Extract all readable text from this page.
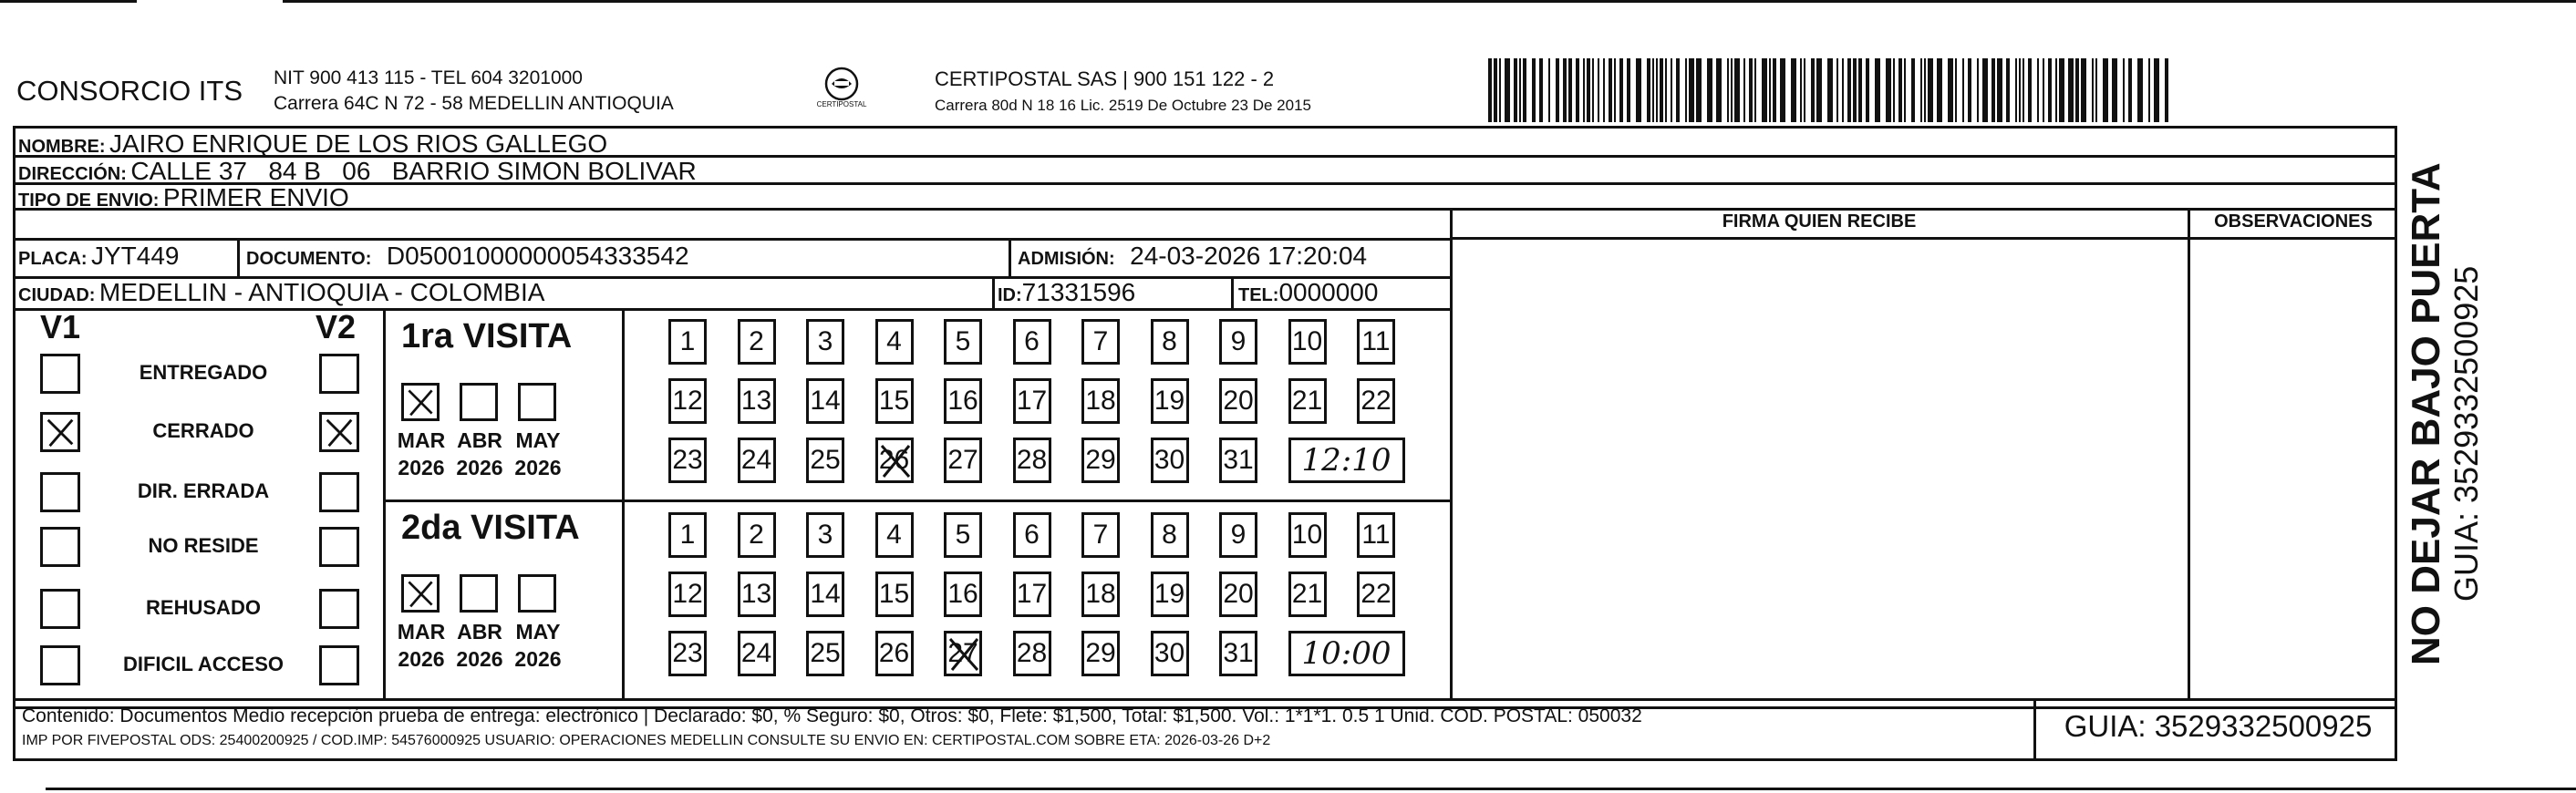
CONSORCIO ITS NIT 900 413 115 - TEL 604 3201000
Carrera 64C N 72 - 58 MEDELLIN ANTIOQUIA	CERTIPOSTAL
CERTIPOSTAL SAS | 900 151 122 - 2
Carrera 80d N 18 16 Lic. 2519 De Octubre 23 De 2015
NOMBRE: JAIRO ENRIQUE DE LOS RIOS GALLEGO
DIRECCIÓN: CALLE 37   84 B   06   BARRIO SIMON BOLIVAR
TIPO DE ENVIO: PRIMER ENVIO
FIRMA QUIEN RECIBE	OBSERVACIONES
PLACA: JYT449	DOCUMENTO: D05001000000054333542	ADMISIÓN: 24-03-2026 17:20:04
CIUDAD: MEDELLIN - ANTIOQUIA - COLOMBIA	ID:71331596	TEL:0000000
V1	V2
ENTREGADO
CERRADO
DIR. ERRADA
NO RESIDE
REHUSADO
DIFICIL ACCESO
1ra VISITA
2da VISITA
MAR
2026
ABR
2026
MAY
2026
MAR
2026
ABR
2026
MAY
2026
1	2	3	4	5	6	7	8	9	10 11
12 13 14 15 16 17 18 19 20 21 22
23 24 25 26 27 28 29 30 31	12:10
1	2	3	4	5	6	7	8	9	10 11
12 13 14 15 16 17 18 19 20 21 22
23 24 25 26 27 28 29 30 31	10:00
Contenido: Documentos Medio recepción prueba de entrega: electrónico | Declarado: $0, % Seguro: $0, Otros: $0, Flete: $1,500, Total: $1,500. Vol.: 1*1*1. 0.5 1 Unid. COD. POSTAL: 050032
IMP POR FIVEPOSTAL ODS: 25400200925 / COD.IMP: 54576000925 USUARIO: OPERACIONES MEDELLIN CONSULTE SU ENVIO EN: CERTIPOSTAL.COM SOBRE ETA: 2026-03-26 D+2	GUIA: 3529332500925
NO DEJAR BAJO PUERTA GUIA: 3529332500925
